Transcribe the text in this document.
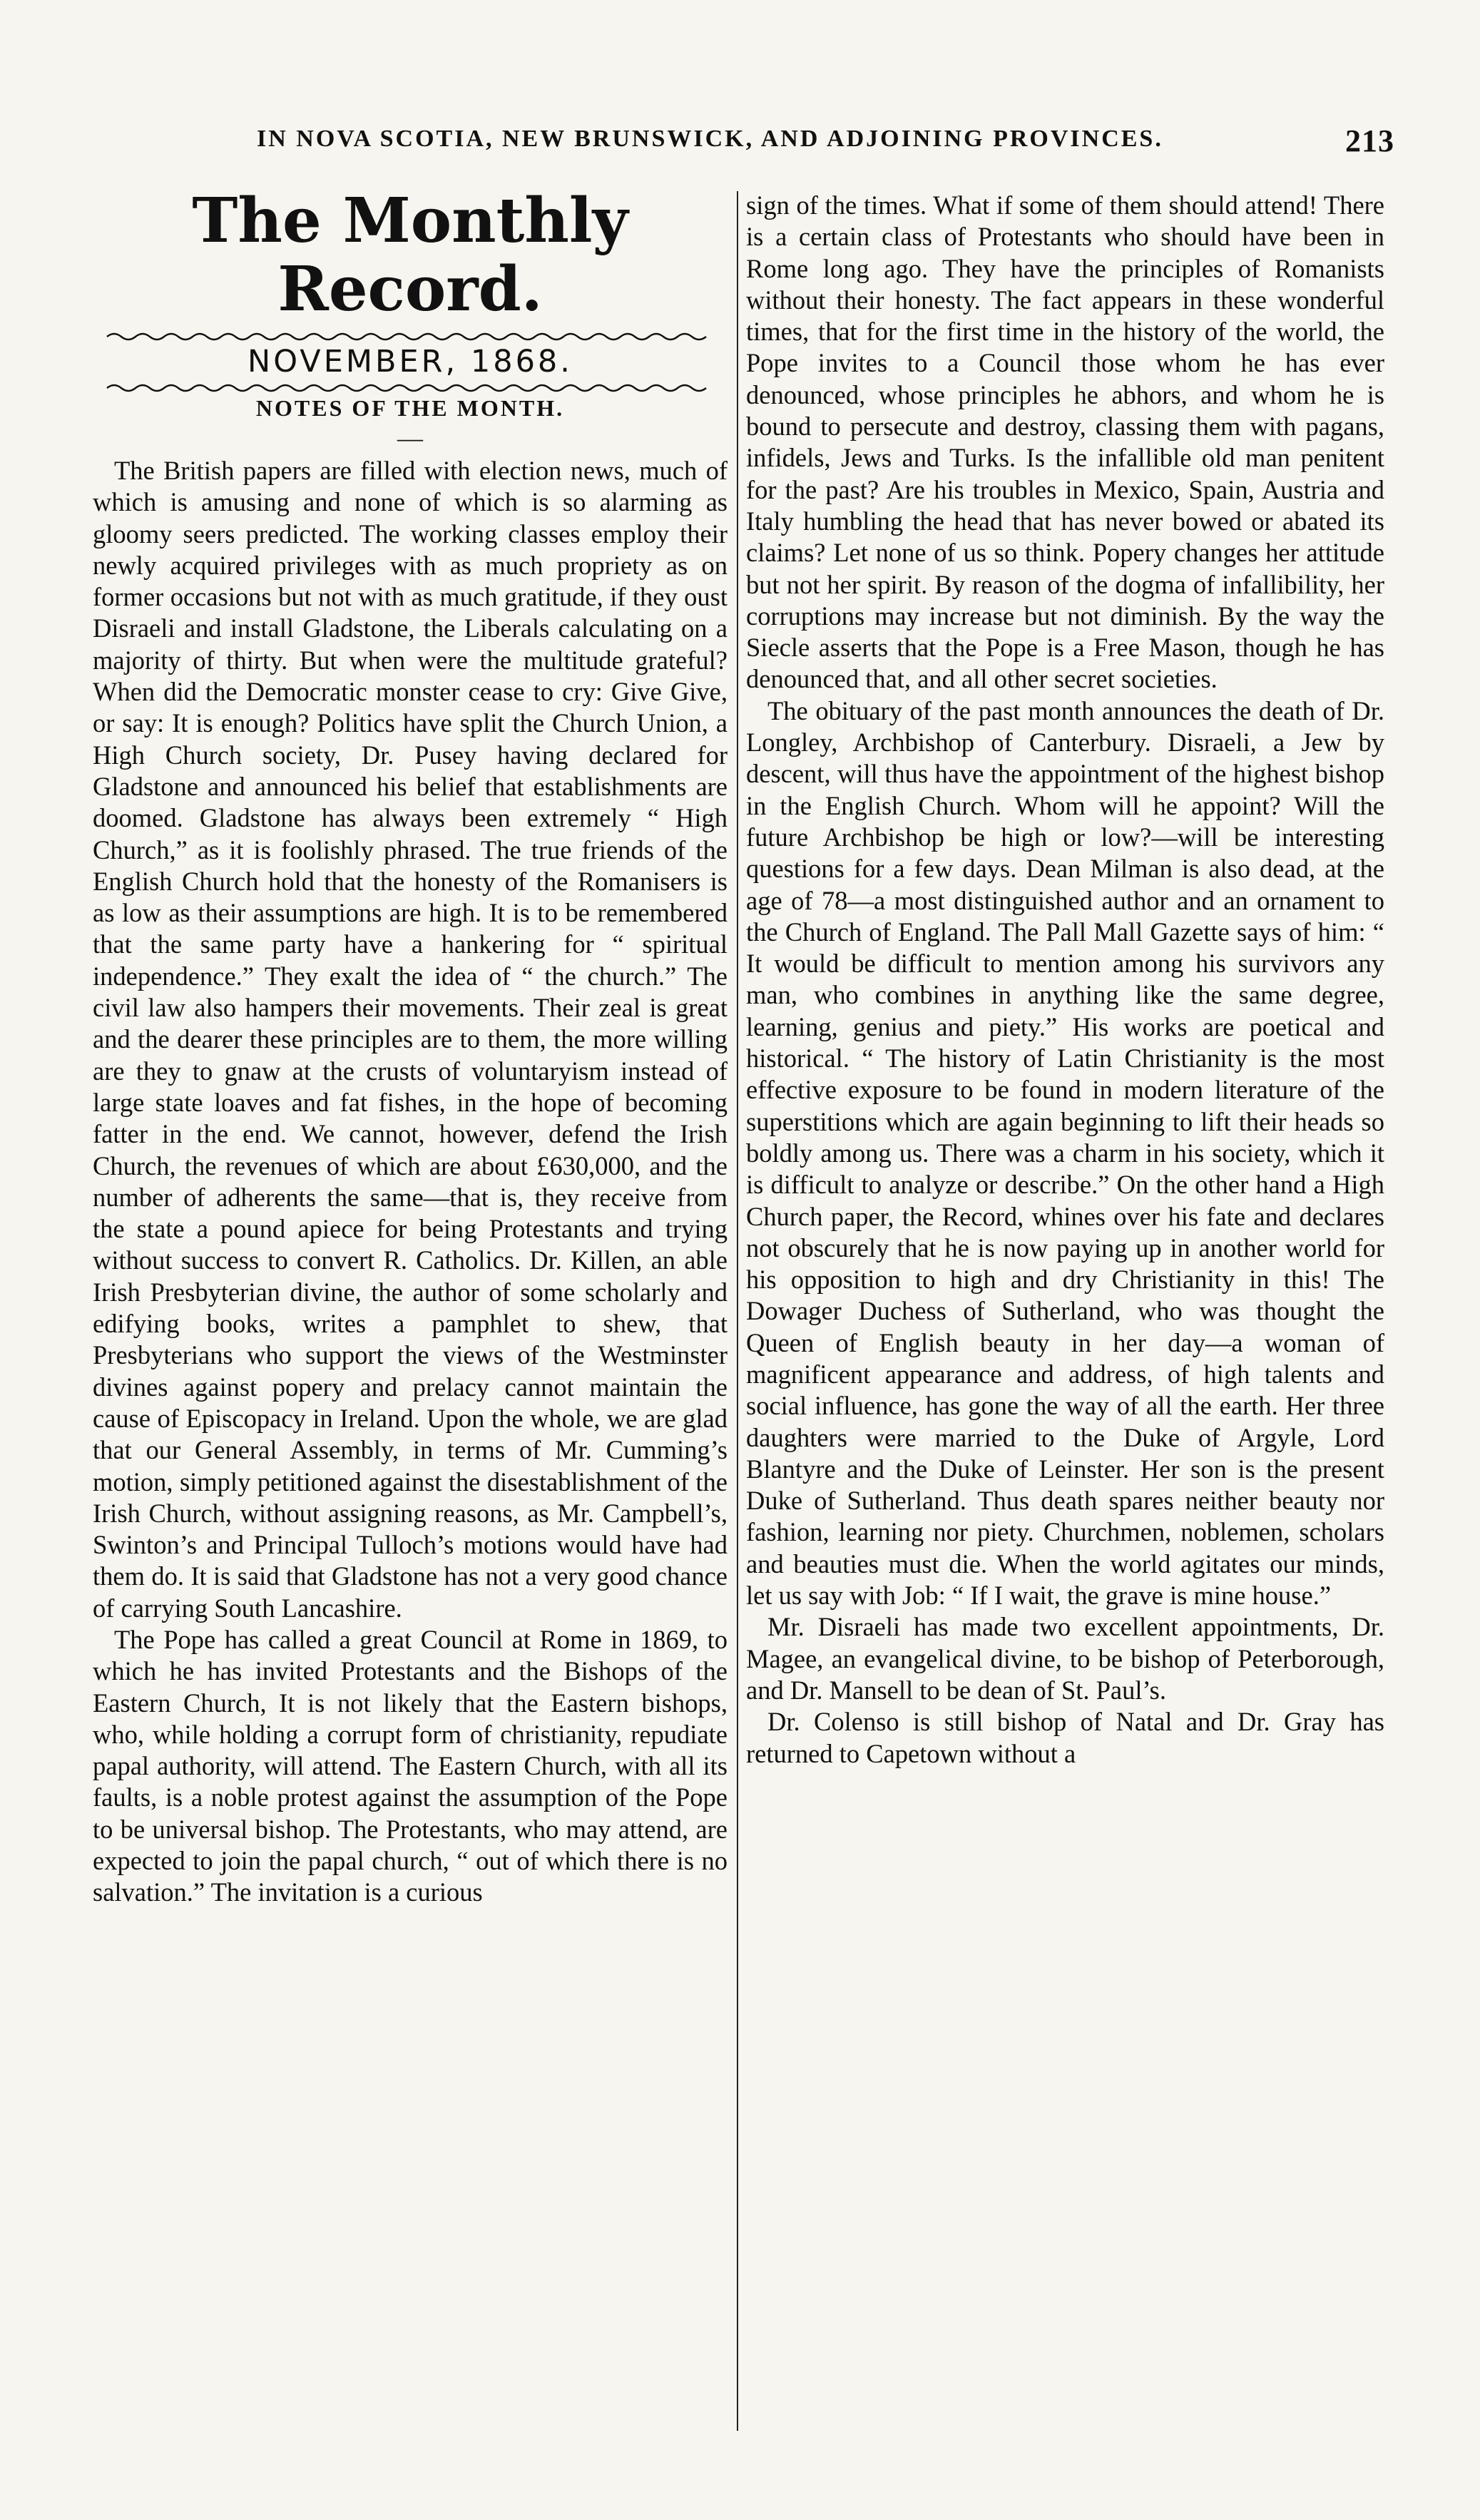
IN NOVA SCOTIA, NEW BRUNSWICK, AND ADJOINING PROVINCES.	213
The Monthly Record.
NOVEMBER, 1868.
NOTES OF THE MONTH.
—

The British papers are filled with election news, much of which is amusing and none of which is so alarming as gloomy seers predicted. The working classes employ their newly acquired privileges with as much propriety as on former occasions but not with as much gratitude, if they oust Disraeli and install Gladstone, the Liberals calculating on a majority of thirty. But when were the multitude grateful? When did the Democratic monster cease to cry: Give Give, or say: It is enough? Politics have split the Church Union, a High Church society, Dr. Pusey having declared for Gladstone and announced his belief that establishments are doomed. Gladstone has always been extremely “ High Church,” as it is foolishly phrased. The true friends of the English Church hold that the honesty of the Romanisers is as low as their assumptions are high. It is to be remembered that the same party have a hankering for “ spiritual independence.” They exalt the idea of “ the church.” The civil law also hampers their movements. Their zeal is great and the dearer these principles are to them, the more willing are they to gnaw at the crusts of voluntaryism instead of large state loaves and fat fishes, in the hope of becoming fatter in the end. We cannot, however, defend the Irish Church, the revenues of which are about £630,000, and the number of adherents the same—that is, they receive from the state a pound apiece for being Protestants and trying without success to convert R. Catholics. Dr. Killen, an able Irish Presbyterian divine, the author of some scholarly and edifying books, writes a pamphlet to shew, that Presbyterians who support the views of the Westminster divines against popery and prelacy cannot maintain the cause of Episcopacy in Ireland. Upon the whole, we are glad that our General Assembly, in terms of Mr. Cumming’s motion, simply petitioned against the disestablishment of the Irish Church, without assigning reasons, as Mr. Campbell’s, Swinton’s and Principal Tulloch’s motions would have had them do. It is said that Gladstone has not a very good chance of carrying South Lancashire.

The Pope has called a great Council at Rome in 1869, to which he has invited Protestants and the Bishops of the Eastern Church, It is not likely that the Eastern bishops, who, while holding a corrupt form of christianity, repudiate papal authority, will attend. The Eastern Church, with all its faults, is a noble protest against the assumption of the Pope to be universal bishop. The Protestants, who may attend, are expected to join the papal church, “ out of which there is no salvation.” The invitation is a curious

sign of the times. What if some of them should attend! There is a certain class of Protestants who should have been in Rome long ago. They have the principles of Romanists without their honesty. The fact appears in these wonderful times, that for the first time in the history of the world, the Pope invites to a Council those whom he has ever denounced, whose principles he abhors, and whom he is bound to persecute and destroy, classing them with pagans, infidels, Jews and Turks. Is the infallible old man penitent for the past? Are his troubles in Mexico, Spain, Austria and Italy humbling the head that has never bowed or abated its claims? Let none of us so think. Popery changes her attitude but not her spirit. By reason of the dogma of infallibility, her corruptions may increase but not diminish. By the way the Siecle asserts that the Pope is a Free Mason, though he has denounced that, and all other secret societies.

The obituary of the past month announces the death of Dr. Longley, Archbishop of Canterbury. Disraeli, a Jew by descent, will thus have the appointment of the highest bishop in the English Church. Whom will he appoint? Will the future Archbishop be high or low?—will be interesting questions for a few days. Dean Milman is also dead, at the age of 78—a most distinguished author and an ornament to the Church of England. The Pall Mall Gazette says of him: “ It would be difficult to mention among his survivors any man, who combines in anything like the same degree, learning, genius and piety.” His works are poetical and historical. “ The history of Latin Christianity is the most effective exposure to be found in modern literature of the superstitions which are again beginning to lift their heads so boldly among us. There was a charm in his society, which it is difficult to analyze or describe.” On the other hand a High Church paper, the Record, whines over his fate and declares not obscurely that he is now paying up in another world for his opposition to high and dry Christianity in this! The Dowager Duchess of Sutherland, who was thought the Queen of English beauty in her day—a woman of magnificent appearance and address, of high talents and social influence, has gone the way of all the earth. Her three daughters were married to the Duke of Argyle, Lord Blantyre and the Duke of Leinster. Her son is the present Duke of Sutherland. Thus death spares neither beauty nor fashion, learning nor piety. Churchmen, noblemen, scholars and beauties must die. When the world agitates our minds, let us say with Job: “ If I wait, the grave is mine house.”

Mr. Disraeli has made two excellent appointments, Dr. Magee, an evangelical divine, to be bishop of Peterborough, and Dr. Mansell to be dean of St. Paul’s.

Dr. Colenso is still bishop of Natal and Dr. Gray has returned to Capetown without a
